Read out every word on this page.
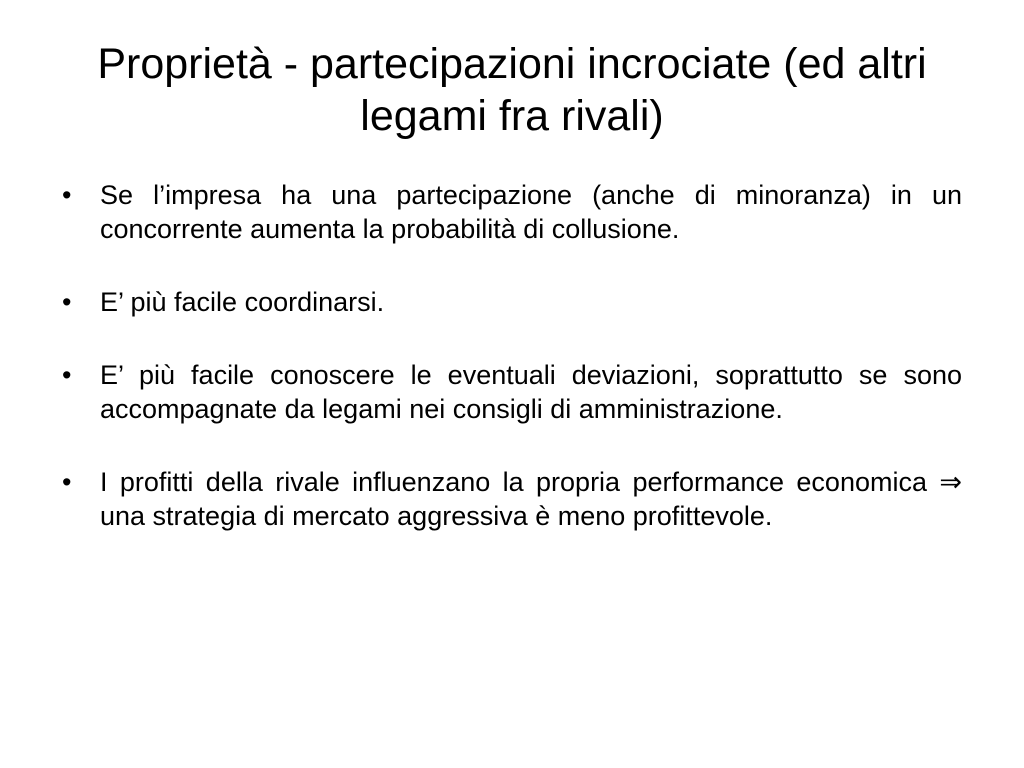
Proprietà - partecipazioni incrociate (ed altri legami fra rivali)
•	Se l’impresa ha una partecipazione (anche di minoranza) in un concorrente aumenta la probabilità di collusione.
•	E’ più facile coordinarsi.
•	E’ più facile conoscere le eventuali deviazioni, soprattutto se sono accompagnate da legami nei consigli di amministrazione.
•	I profitti della rivale influenzano la propria performance economica ⇒ una strategia di mercato aggressiva è meno profittevole.
